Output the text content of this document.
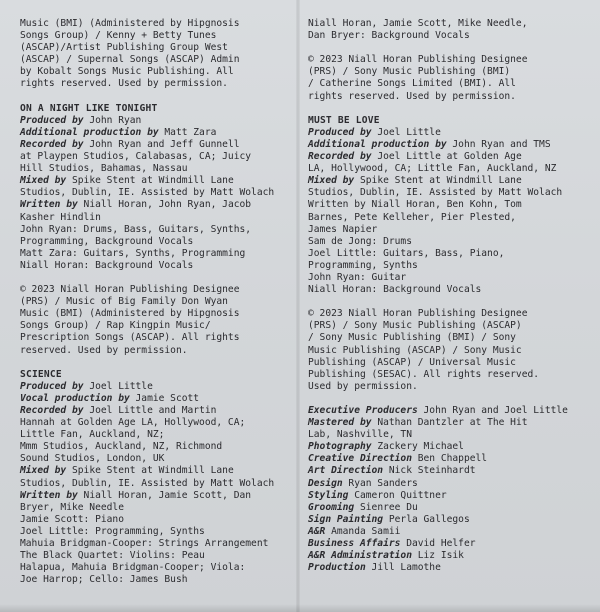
Music (BMI) (Administered by Hipgnosis
Songs Group) / Kenny + Betty Tunes
(ASCAP)/Artist Publishing Group West
(ASCAP) / Supernal Songs (ASCAP) Admin
by Kobalt Songs Music Publishing. All
rights reserved. Used by permission.
ON A NIGHT LIKE TONIGHT
Produced by John Ryan
Additional production by Matt Zara
Recorded by John Ryan and Jeff Gunnell
at Playpen Studios, Calabasas, CA; Juicy
Hill Studios, Bahamas, Nassau
Mixed by Spike Stent at Windmill Lane
Studios, Dublin, IE. Assisted by Matt Wolach
Written by Niall Horan, John Ryan, Jacob
Kasher Hindlin
John Ryan: Drums, Bass, Guitars, Synths,
Programming, Background Vocals
Matt Zara: Guitars, Synths, Programming
Niall Horan: Background Vocals
© 2023 Niall Horan Publishing Designee
(PRS) / Music of Big Family Don Wyan
Music (BMI) (Administered by Hipgnosis
Songs Group) / Rap Kingpin Music/
Prescription Songs (ASCAP). All rights
reserved. Used by permission.
SCIENCE
Produced by Joel Little
Vocal production by Jamie Scott
Recorded by Joel Little and Martin
Hannah at Golden Age LA, Hollywood, CA;
Little Fan, Auckland, NZ;
Mmm Studios, Auckland, NZ, Richmond
Sound Studios, London, UK
Mixed by Spike Stent at Windmill Lane
Studios, Dublin, IE. Assisted by Matt Wolach
Written by Niall Horan, Jamie Scott, Dan
Bryer, Mike Needle
Jamie Scott: Piano
Joel Little: Programming, Synths
Mahuia Bridgman-Cooper: Strings Arrangement
The Black Quartet: Violins: Peau
Halapua, Mahuia Bridgman-Cooper; Viola:
Joe Harrop; Cello: James Bush
Niall Horan, Jamie Scott, Mike Needle,
Dan Bryer: Background Vocals
© 2023 Niall Horan Publishing Designee
(PRS) / Sony Music Publishing (BMI)
/ Catherine Songs Limited (BMI). All
rights reserved. Used by permission.
MUST BE LOVE
Produced by Joel Little
Additional production by John Ryan and TMS
Recorded by Joel Little at Golden Age
LA, Hollywood, CA; Little Fan, Auckland, NZ
Mixed by Spike Stent at Windmill Lane
Studios, Dublin, IE. Assisted by Matt Wolach
Written by Niall Horan, Ben Kohn, Tom
Barnes, Pete Kelleher, Pier Plested,
James Napier
Sam de Jong: Drums
Joel Little: Guitars, Bass, Piano,
Programming, Synths
John Ryan: Guitar
Niall Horan: Background Vocals
© 2023 Niall Horan Publishing Designee
(PRS) / Sony Music Publishing (ASCAP)
/ Sony Music Publishing (BMI) / Sony
Music Publishing (ASCAP) / Sony Music
Publishing (ASCAP) / Universal Music
Publishing (SESAC). All rights reserved.
Used by permission.
Executive Producers John Ryan and Joel Little
Mastered by Nathan Dantzler at The Hit
Lab, Nashville, TN
Photography Zackery Michael
Creative Direction Ben Chappell
Art Direction Nick Steinhardt
Design Ryan Sanders
Styling Cameron Quittner
Grooming Sienree Du
Sign Painting Perla Gallegos
A&R Amanda Samii
Business Affairs David Helfer
A&R Administration Liz Isik
Production Jill Lamothe
